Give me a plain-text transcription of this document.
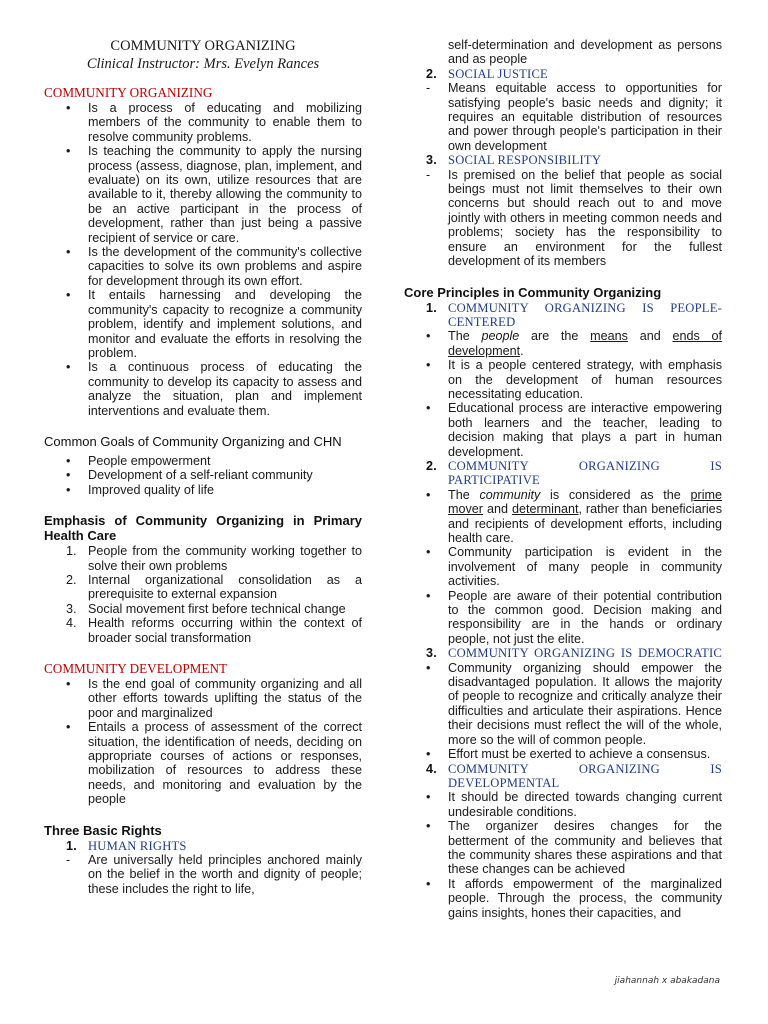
COMMUNITY ORGANIZING
Clinical Instructor: Mrs. Evelyn Rances
COMMUNITY ORGANIZING
• Is a process of educating and mobilizing members of the community to enable them to resolve community problems.
• Is teaching the community to apply the nursing process (assess, diagnose, plan, implement, and evaluate) on its own, utilize resources that are available to it, thereby allowing the community to be an active participant in the process of development, rather than just being a passive recipient of service or care.
• Is the development of the community's collective capacities to solve its own problems and aspire for development through its own effort.
• It entails harnessing and developing the community's capacity to recognize a community problem, identify and implement solutions, and monitor and evaluate the efforts in resolving the problem.
• Is a continuous process of educating the community to develop its capacity to assess and analyze the situation, plan and implement interventions and evaluate them.
Common Goals of Community Organizing and CHN
• People empowerment
• Development of a self-reliant community
• Improved quality of life
Emphasis of Community Organizing in Primary Health Care
1. People from the community working together to solve their own problems
2. Internal organizational consolidation as a prerequisite to external expansion
3. Social movement first before technical change
4. Health reforms occurring within the context of broader social transformation
COMMUNITY DEVELOPMENT
• Is the end goal of community organizing and all other efforts towards uplifting the status of the poor and marginalized
• Entails a process of assessment of the correct situation, the identification of needs, deciding on appropriate courses of actions or responses, mobilization of resources to address these needs, and monitoring and evaluation by the people
Three Basic Rights
1. HUMAN RIGHTS
- Are universally held principles anchored mainly on the belief in the worth and dignity of people; these includes the right to life,
self-determination and development as persons and as people
2. SOCIAL JUSTICE
- Means equitable access to opportunities for satisfying people's basic needs and dignity; it requires an equitable distribution of resources and power through people's participation in their own development
3. SOCIAL RESPONSIBILITY
- Is premised on the belief that people as social beings must not limit themselves to their own concerns but should reach out to and move jointly with others in meeting common needs and problems; society has the responsibility to ensure an environment for the fullest development of its members
Core Principles in Community Organizing
1. COMMUNITY ORGANIZING IS PEOPLE-CENTERED
• The people are the means and ends of development.
• It is a people centered strategy, with emphasis on the development of human resources necessitating education.
• Educational process are interactive empowering both learners and the teacher, leading to decision making that plays a part in human development.
2. COMMUNITY ORGANIZING IS PARTICIPATIVE
• The community is considered as the prime mover and determinant, rather than beneficiaries and recipients of development efforts, including health care.
• Community participation is evident in the involvement of many people in community activities.
• People are aware of their potential contribution to the common good. Decision making and responsibility are in the hands or ordinary people, not just the elite.
3. COMMUNITY ORGANIZING IS DEMOCRATIC
• Community organizing should empower the disadvantaged population. It allows the majority of people to recognize and critically analyze their difficulties and articulate their aspirations. Hence their decisions must reflect the will of the whole, more so the will of common people.
• Effort must be exerted to achieve a consensus.
4. COMMUNITY ORGANIZING IS DEVELOPMENTAL
• It should be directed towards changing current undesirable conditions.
• The organizer desires changes for the betterment of the community and believes that the community shares these aspirations and that these changes can be achieved
• It affords empowerment of the marginalized people. Through the process, the community gains insights, hones their capacities, and
jiahannah x abakadana
